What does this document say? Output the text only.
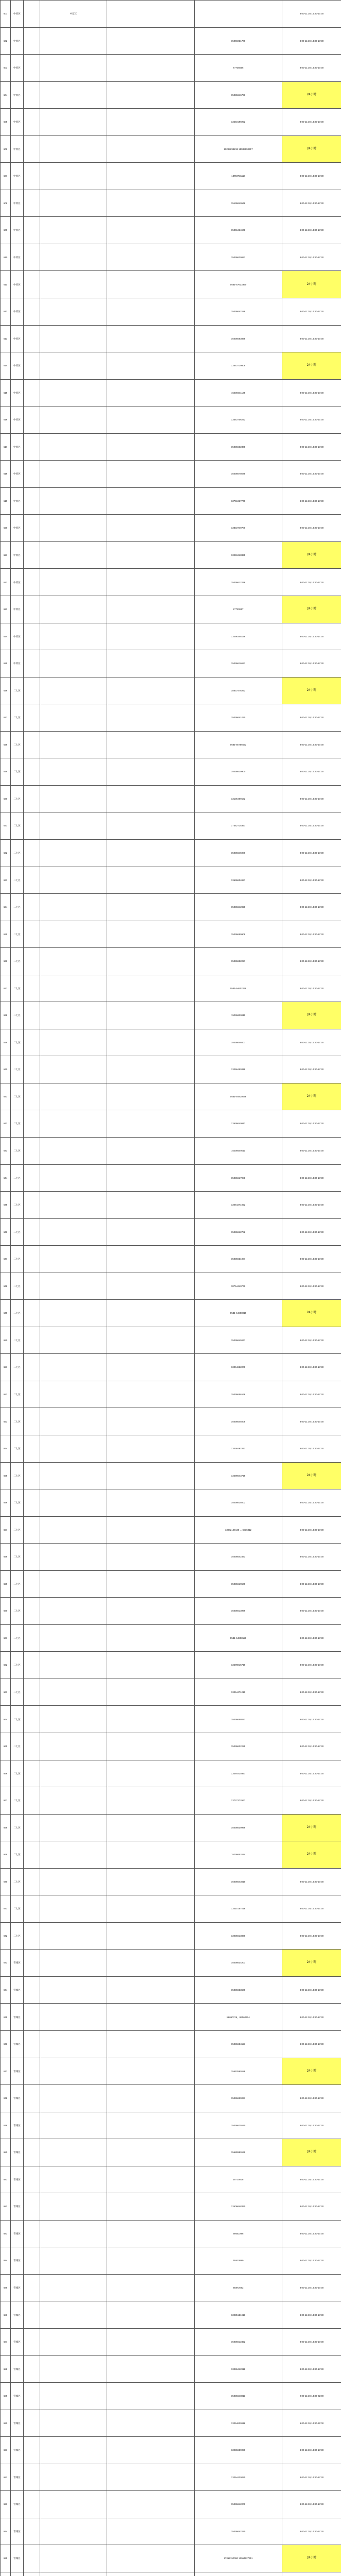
601	中原区		中原区			8:00-11:30,14:30-17:30
602	中原区				15066031700	8:00-11:30,14:30-17:30
603	中原区				87736556	8:00-11:30,14:30-17:30
604	中原区				15036646796	24小时
605	中原区				13693199252	8:00-11:30,14:30-17:30
606	中原区				13298298218 15038690917	24小时
607	中原区				13703731110	8:00-11:30,14:30-17:30
608	中原区				15136649546	8:00-11:30,14:30-17:30
609	中原区				15066464678	8:00-11:30,14:30-17:30
610	中原区				15036629933	8:00-11:30,14:30-17:30
611	中原区				0531-67623350	24小时
612	中原区				15036642188	8:00-11:30,14:30-17:30
613	中原区				15036663898	8:00-11:30,14:30-17:30
614	中原区				13663719808	24小时
615	中原区				15036641125	8:00-11:30,14:30-17:30
616	中原区				13383706222	8:00-11:30,14:30-17:30
617	中原区				15036662308	8:00-11:30,14:30-17:30
618	中原区				15036678675	8:00-11:30,14:30-17:30
619	中原区				13793467740	8:00-11:30,14:30-17:30
620	中原区				13333749700	8:00-11:30,14:30-17:30
621	中原区				13293418335	24小时
622	中原区				15036612226	8:00-11:30,14:30-17:30
623	中原区				87720917	24小时
624	中原区				13298348128	8:00-11:30,14:30-17:30
625	中原区				15036616633	8:00-11:30,14:30-17:30
626	二七区				18637476252	24小时
627	二七区				15036641030	8:00-11:30,14:30-17:30
628	二七区				0531-65756622	8:00-11:30,14:30-17:30
629	二七区				15036629900	8:00-11:30,14:30-17:30
630	二七区				13136469162	8:00-11:30,14:30-17:30
631	二七区				17382715357	8:00-11:30,14:30-17:30
632	二七区				15036645980	8:00-11:30,14:30-17:30
633	二七区				13536604997	8:00-11:30,14:30-17:30
634	二七区				15036642020	8:00-11:30,14:30-17:30
635	二七区				15036659908	8:00-11:30,14:30-17:30
636	二七区				15036632227	8:00-11:30,14:30-17:30
637	二七区				0531-64602239	8:00-11:30,14:30-17:30
638	二七区				15036639911	24小时
639	二七区				15036646007	8:00-11:30,14:30-17:30
640	二七区				13066450319	8:00-11:30,14:30-17:30
641	二七区				0531-64910078	24小时
642	二七区				13536640917	8:00-11:30,14:30-17:30
643	二七区				15036649011	8:00-11:30,14:30-17:30
644	二七区				15036617988	8:00-11:30,14:30-17:30
645	二七区				13064271922	8:00-11:30,14:30-17:30
646	二七区				15036612782	8:00-11:30,14:30-17:30
647	二七区				15036631007	8:00-11:30,14:30-17:30
648	二七区				18764440770	8:00-11:30,14:30-17:30
649	二七区				0531-64608019	24小时
650	二七区				15036645977	8:00-11:30,14:30-17:30
651	二七区				13064622200	8:00-11:30,14:30-17:30
652	二七区				15036656166	8:00-11:30,14:30-17:30
653	二七区				15036645008	8:00-11:30,14:30-17:30
654	二七区				13036462373	8:00-11:30,14:30-17:30
655	二七区				13698643715	24小时
656	二七区				15036628002	8:00-11:30,14:30-17:30
657	二七区				13082109125 ... 6036812	8:00-11:30,14:30-17:30
658	二七区				15036642333	8:00-11:30,14:30-17:30
659	二七区				15036619500	8:00-11:30,14:30-17:30
660	二七区				15036613999	8:00-11:30,14:30-17:30
661	二七区				0531-64808120	8:00-11:30,14:30-17:30
662	二七区				13678815710	8:00-11:30,14:30-17:30
663	二七区				13064471210	8:00-11:30,14:30-17:30
664	二七区				15036658823	8:00-11:30,14:30-17:30
665	二七区				15036632225	8:00-11:30,14:30-17:30
666	二七区				13064420357	8:00-11:30,14:30-17:30
667	二七区				13737372667	8:00-11:30,14:30-17:30
668	二七区				15036639999	24小时
669	二七区				15036653114	24小时
670	二七区				15036643810	8:00-11:30,14:30-17:30
671	二七区				13210157018	8:00-11:30,14:30-17:30
672	二七区				13236613860	8:00-11:30,14:30-17:30
673	管城区				15036634201	24小时
674	管城区				15036633600	8:00-11:30,14:30-17:30
675	管城区				86060725，86060724	8:00-11:30,14:30-17:30
676	管城区				15036634521	8:00-11:30,14:30-17:30
677	管城区				15562560188	24小时
678	管城区				15036629031	8:00-11:30,14:30-17:30
679	管城区				15036625520	8:00-11:30,14:30-17:30
680	管城区				15589980139	24小时
681	管城区				18703828	8:00-11:30,14:30-17:30
682	管城区				13606648330	8:00-11:30,14:30-17:30
683	管城区				68652296	8:00-11:30,14:30-17:30
684	管城区				55510889	8:00-11:30,14:30-17:30
685	管城区				55872092	8:00-11:30,14:30-17:30
686	管城区				13235131916	8:00-11:30,14:30-17:30
687	管城区				15036612322	8:00-11:30,14:30-17:30
688	管城区				13036412818	8:00-11:30,14:30-17:30
689	管城区				15036648013	9:00-11:30,14:30-22:00
690	管城区				13064629916	9:00-11:30,14:30-22:00
691	管城区				13236689090	8:00-11:30,14:30-17:30
692	管城区				13064430090	8:00-11:30,14:30-17:30
693	管城区				15036642200	8:00-11:30,14:30-17:30
694	管城区				15036642220	8:00-11:30,14:30-17:30
695	管城区				17315150000 13064227651	24小时
